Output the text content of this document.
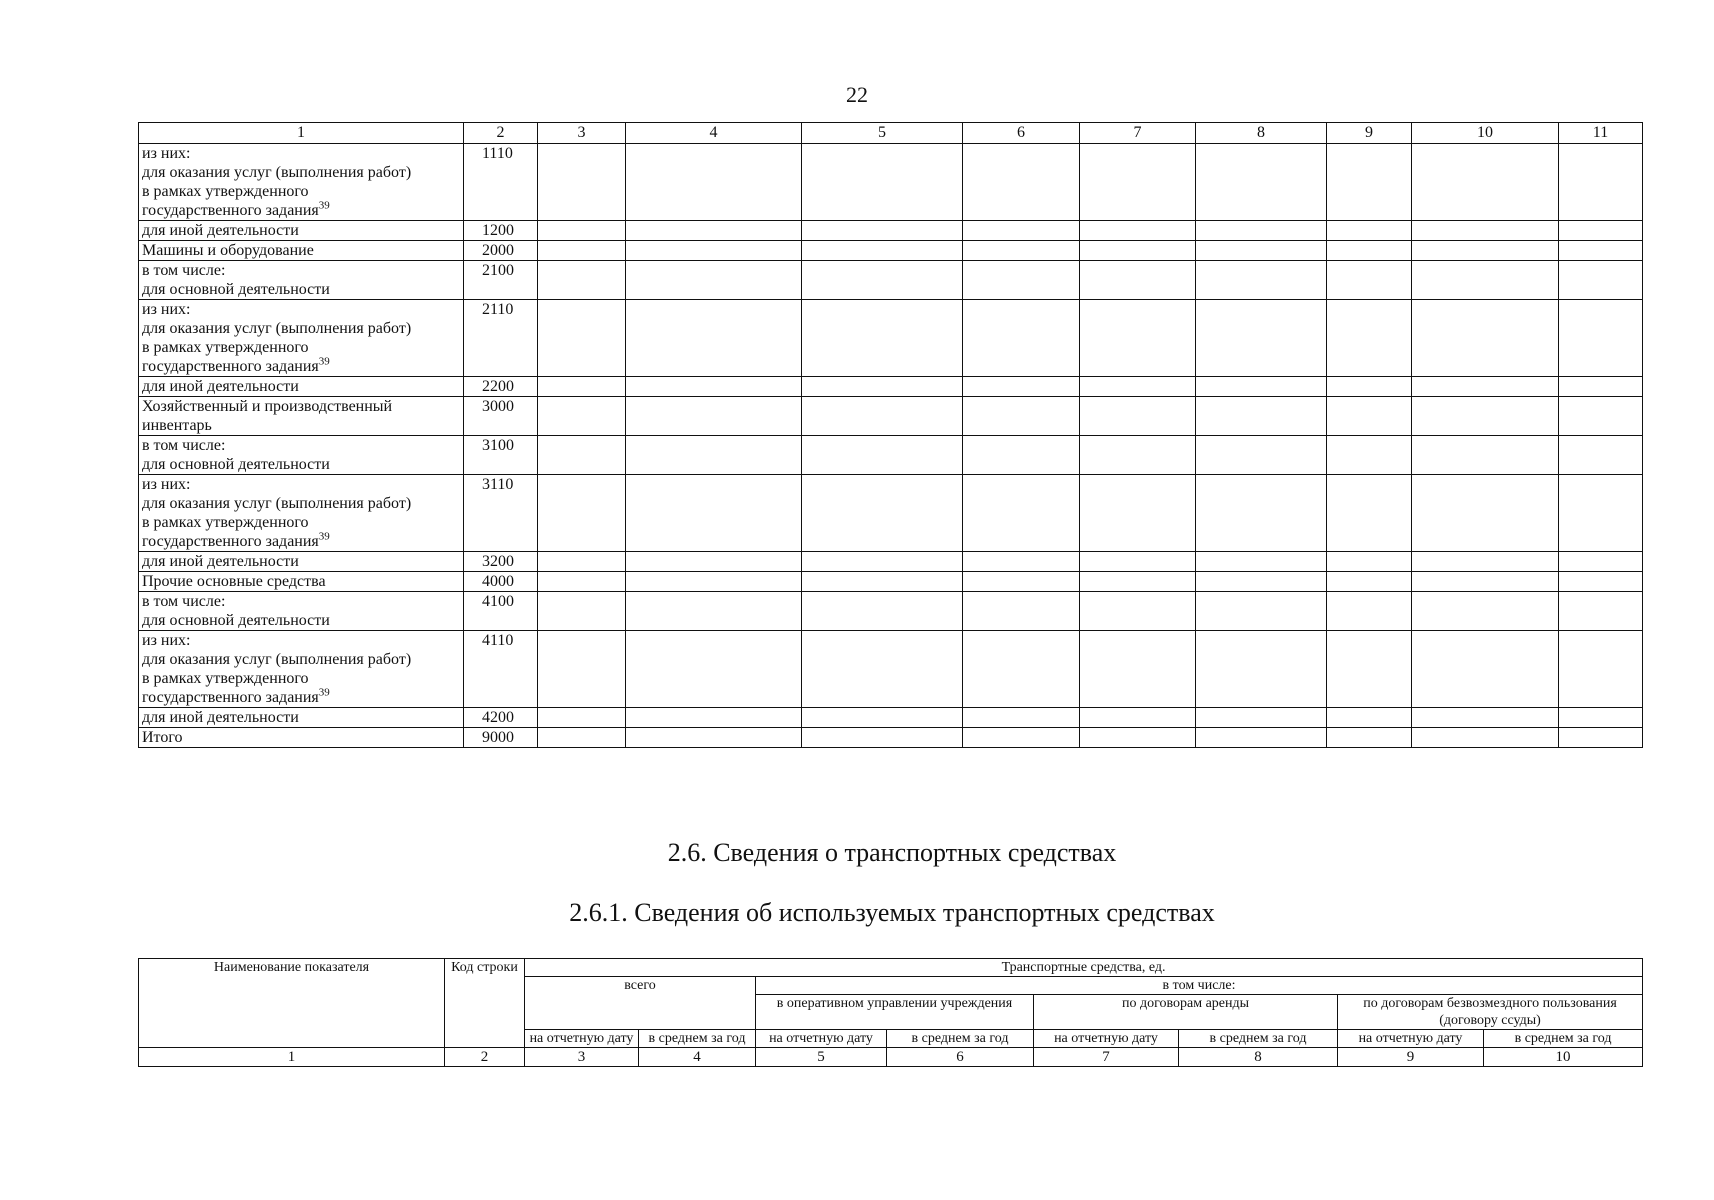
22
1	2	3	4	5	6	7	8	9	10	11

из них:
для оказания услуг (выполнения работ)
в рамках утвержденного
государственного задания$^{39}$	1110									

для иной деятельности	1200									

Машины и оборудование	2000									

в том числе:
для основной деятельности	2100									

из них:
для оказания услуг (выполнения работ)
в рамках утвержденного
государственного задания$^{39}$	2110									

для иной деятельности	2200									

Хозяйственный и производственный
инвентарь	3000									

в том числе:
для основной деятельности	3100									

из них:
для оказания услуг (выполнения работ)
в рамках утвержденного
государственного задания$^{39}$	3110									

для иной деятельности	3200									

Прочие основные средства	4000									

в том числе:
для основной деятельности	4100									

из них:
для оказания услуг (выполнения работ)
в рамках утвержденного
государственного задания$^{39}$	4110									

для иной деятельности	4200									

Итого	9000									
2.6. Сведения о транспортных средствах
2.6.1. Сведения об используемых транспортных средствах
Наименование показателя	Код строки	Транспортные средства, ед.							
		всего		в том числе:					
				в оперативном управлении учреждения		по договорам аренды		по договорам безвозмездного пользования (договору ссуды)	
		на отчетную дату	в среднем за год	на отчетную дату	в среднем за год	на отчетную дату	в среднем за год	на отчетную дату	в среднем за год
1	2	3	4	5	6	7	8	9	10
